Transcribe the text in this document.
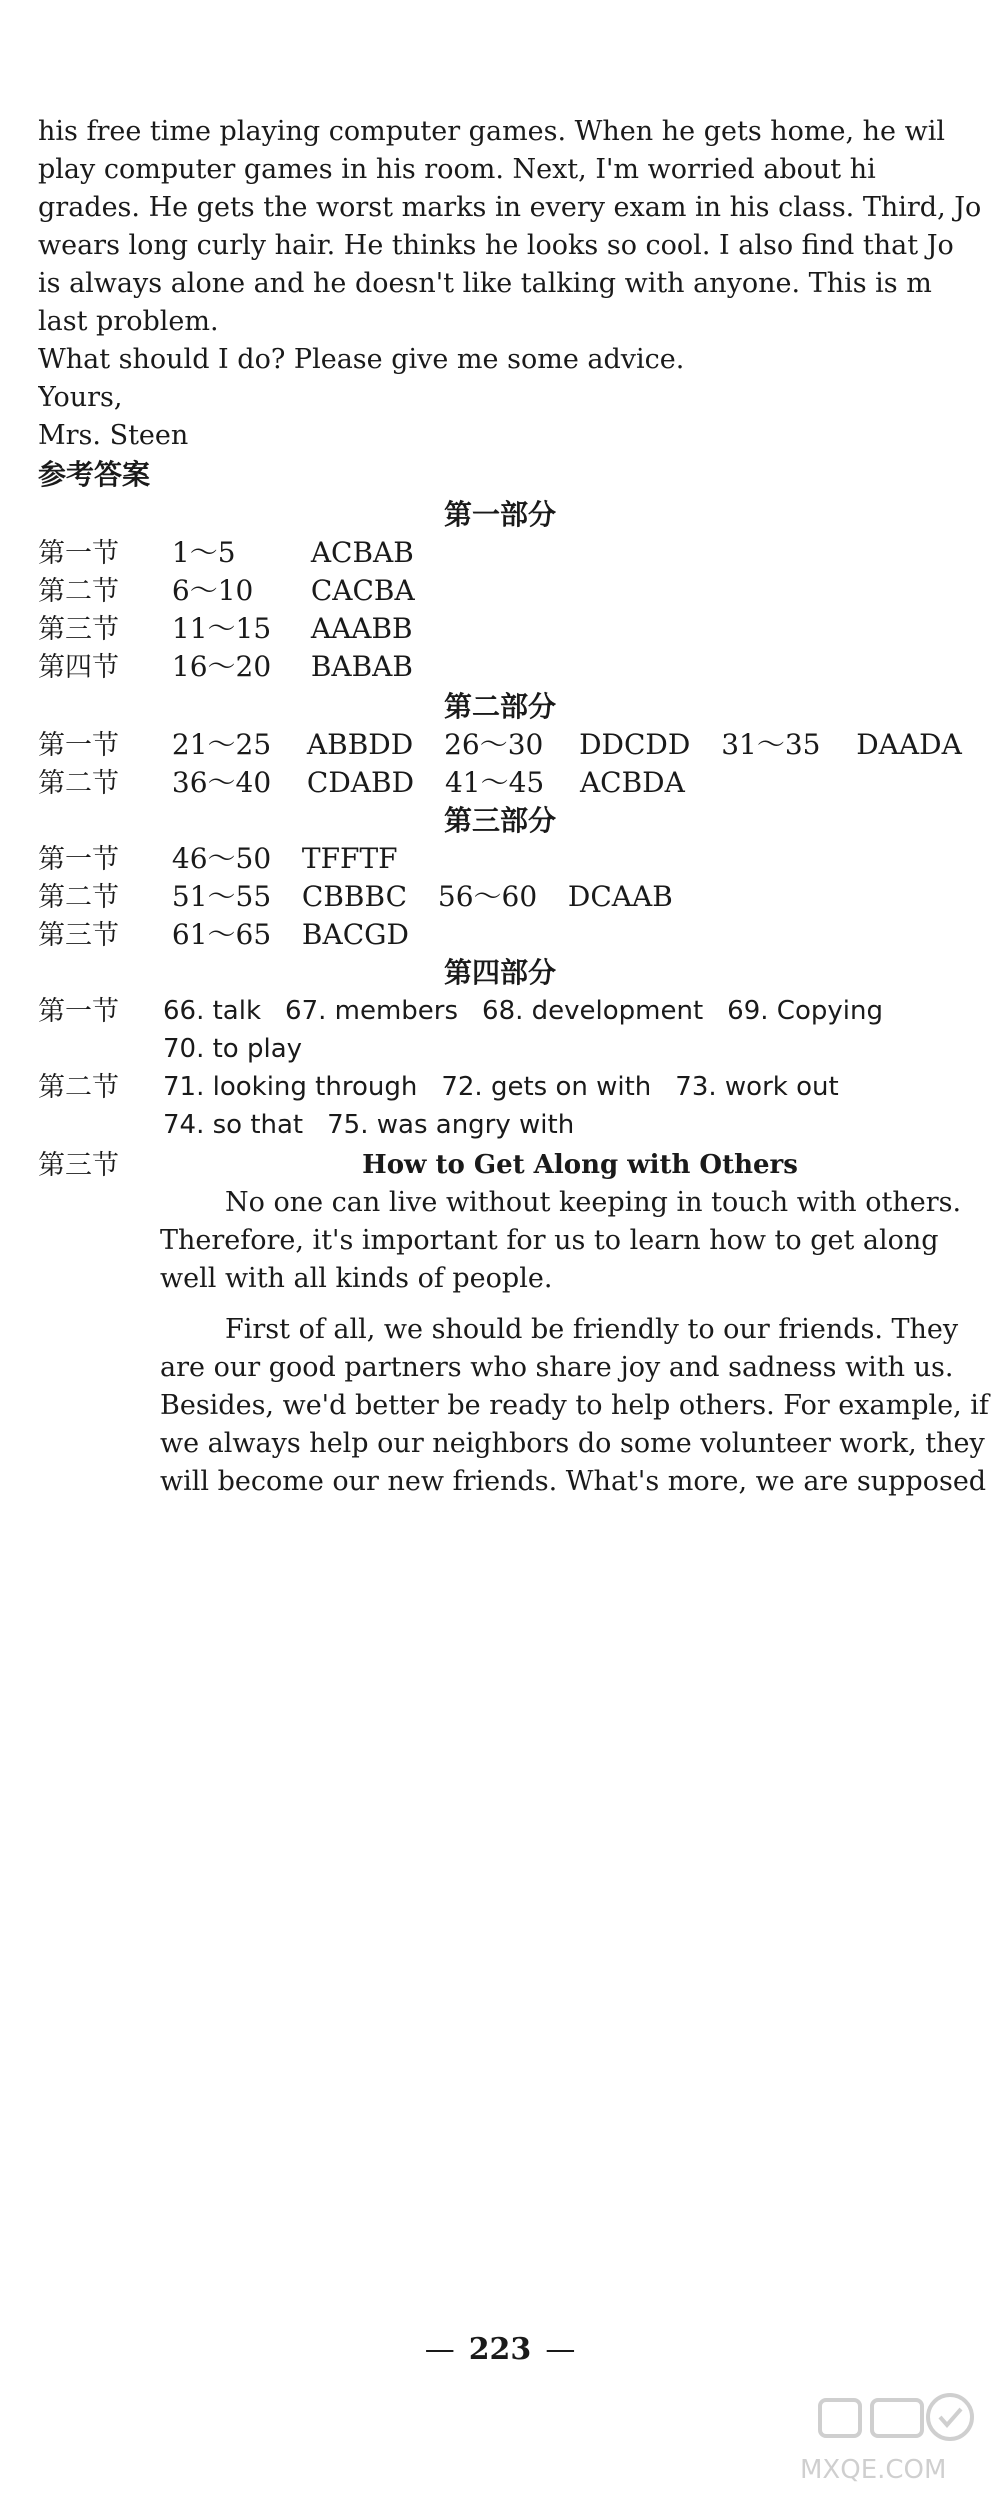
his free time playing computer games. When he gets home, he wil
play computer games in his room. Next, I'm worried about hi
grades. He gets the worst marks in every exam in his class. Third, Jo
wears long curly hair. He thinks he looks so cool. I also find that Jo
is always alone and he doesn't like talking with anyone. This is m
last problem.
What should I do? Please give me some advice.
Yours,
Mrs. Steen
参考答案
第一部分
第一节 1～5	ACBAB
第二节 6～10 CACBA
第三节 11～15 AAABB
第四节 16～20 BABAB
第二部分
第一节 21～25 ABBDD 26～30 DDCDD 31～35 DAADA
第二节 36～40 CDABD 41～45 ACBDA
第三部分
第一节 46～50 TFFTF
第二节 51～55 CBBBC 56～60 DCAAB
第三节 61～65 BACGD
第四部分
第一节	66. talk 67. members 68. development 69. Copying
70. to play
第二节	71. looking through 72. gets on with 73. work out
74. so that 75. was angry with
第三节	How to Get Along with Others
No one can live without keeping in touch with others.
Therefore, it's important for us to learn how to get along
well with all kinds of people.
First of all, we should be friendly to our friends. They
are our good partners who share joy and sadness with us.
Besides, we'd better be ready to help others. For example, if
we always help our neighbors do some volunteer work, they
will become our new friends. What's more, we are supposed
— 223 —
MXQE.COM
